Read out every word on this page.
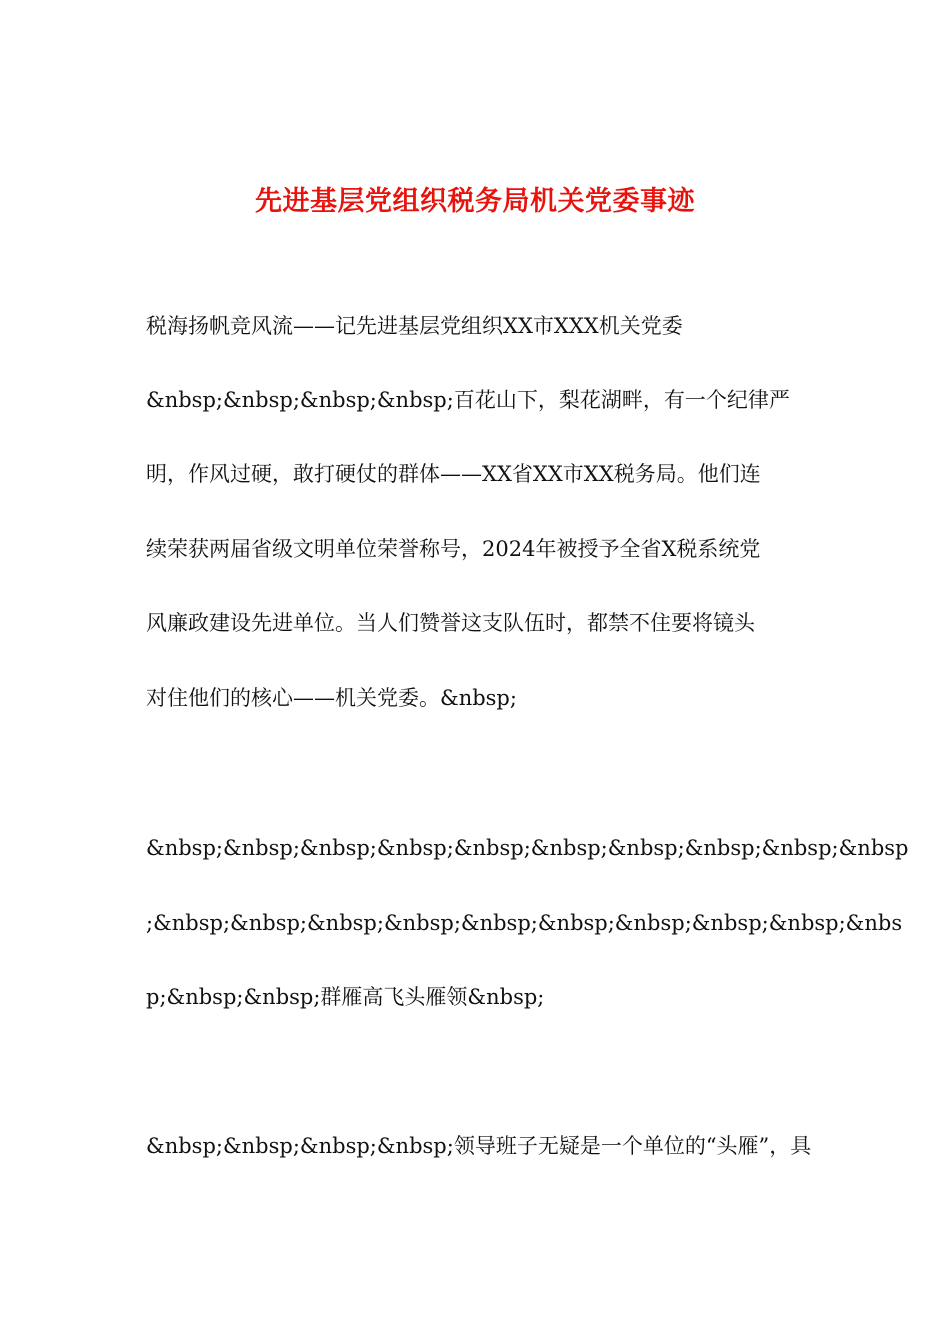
先进基层党组织税务局机关党委事迹

税海扬帆竞风流——记先进基层党组织XX市XXX机关党委

&nbsp;&nbsp;&nbsp;&nbsp;百花山下，梨花湖畔，有一个纪律严

明，作风过硬，敢打硬仗的群体——XX省XX市XX税务局。他们连

续荣获两届省级文明单位荣誉称号，2024年被授予全省X税系统党

风廉政建设先进单位。当人们赞誉这支队伍时，都禁不住要将镜头

对住他们的核心——机关党委。&nbsp;

&nbsp;&nbsp;&nbsp;&nbsp;&nbsp;&nbsp;&nbsp;&nbsp;&nbsp;&nbsp

;&nbsp;&nbsp;&nbsp;&nbsp;&nbsp;&nbsp;&nbsp;&nbsp;&nbsp;&nbs

p;&nbsp;&nbsp;群雁高飞头雁领&nbsp;

&nbsp;&nbsp;&nbsp;&nbsp;领导班子无疑是一个单位的“头雁”，具
